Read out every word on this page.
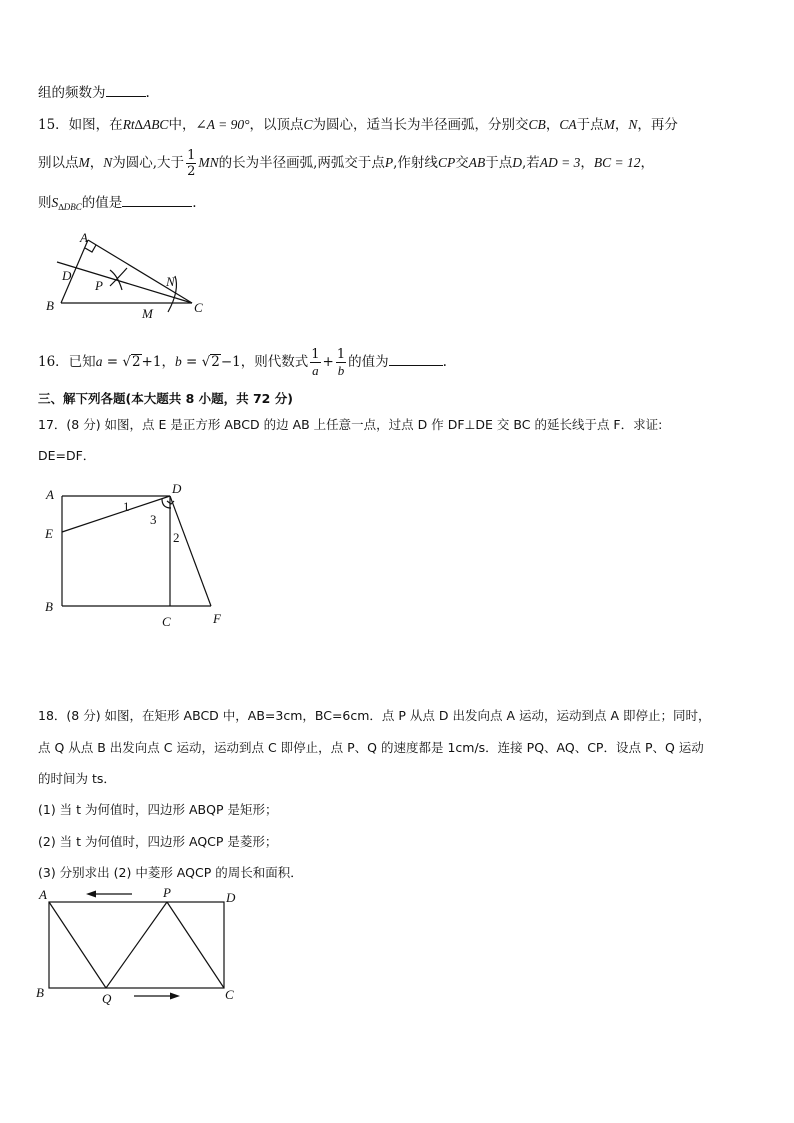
组的频数为	.
15．如图，在Rt∆ABC中，∠A = 90°，以顶点C为圆心，适当长为半径画弧，分别交CB，CA于点M，N，再分
别以点M，N为圆心,大于 $\frac{1}{2}$ MN的长为半径画弧,两弧交于点P,作射线CP交AB于点D,若AD = 3，BC = 12，
则$S_{\Delta DBC}$的值是	.
A
D
P	N
B
M	C
16．已知a = √2+1，b = √2−1，则代数式 $\frac{1}{a} + \frac{1}{b}$ 的值为	.
三、解下列各题(本大题共 8 小题，共 72 分)
17．(8 分) 如图，点 E 是正方形 ABCD 的边 AB 上任意一点，过点 D 作 DF⊥DE 交 BC 的延长线于点 F．求证:
DE=DF．
A	D
E
B
C	F
1
3
2
18．(8 分) 如图，在矩形 ABCD 中，AB=3cm，BC=6cm．点 P 从点 D 出发向点 A 运动，运动到点 A 即停止；同时，
点 Q 从点 B 出发向点 C 运动，运动到点 C 即停止，点 P、Q 的速度都是 1cm/s．连接 PQ、AQ、CP．设点 P、Q 运动
的时间为 ts．
(1) 当 t 为何值时，四边形 ABQP 是矩形；
(2) 当 t 为何值时，四边形 AQCP 是菱形；
(3) 分别求出 (2) 中菱形 AQCP 的周长和面积．
A	P	D
B	Q	C
